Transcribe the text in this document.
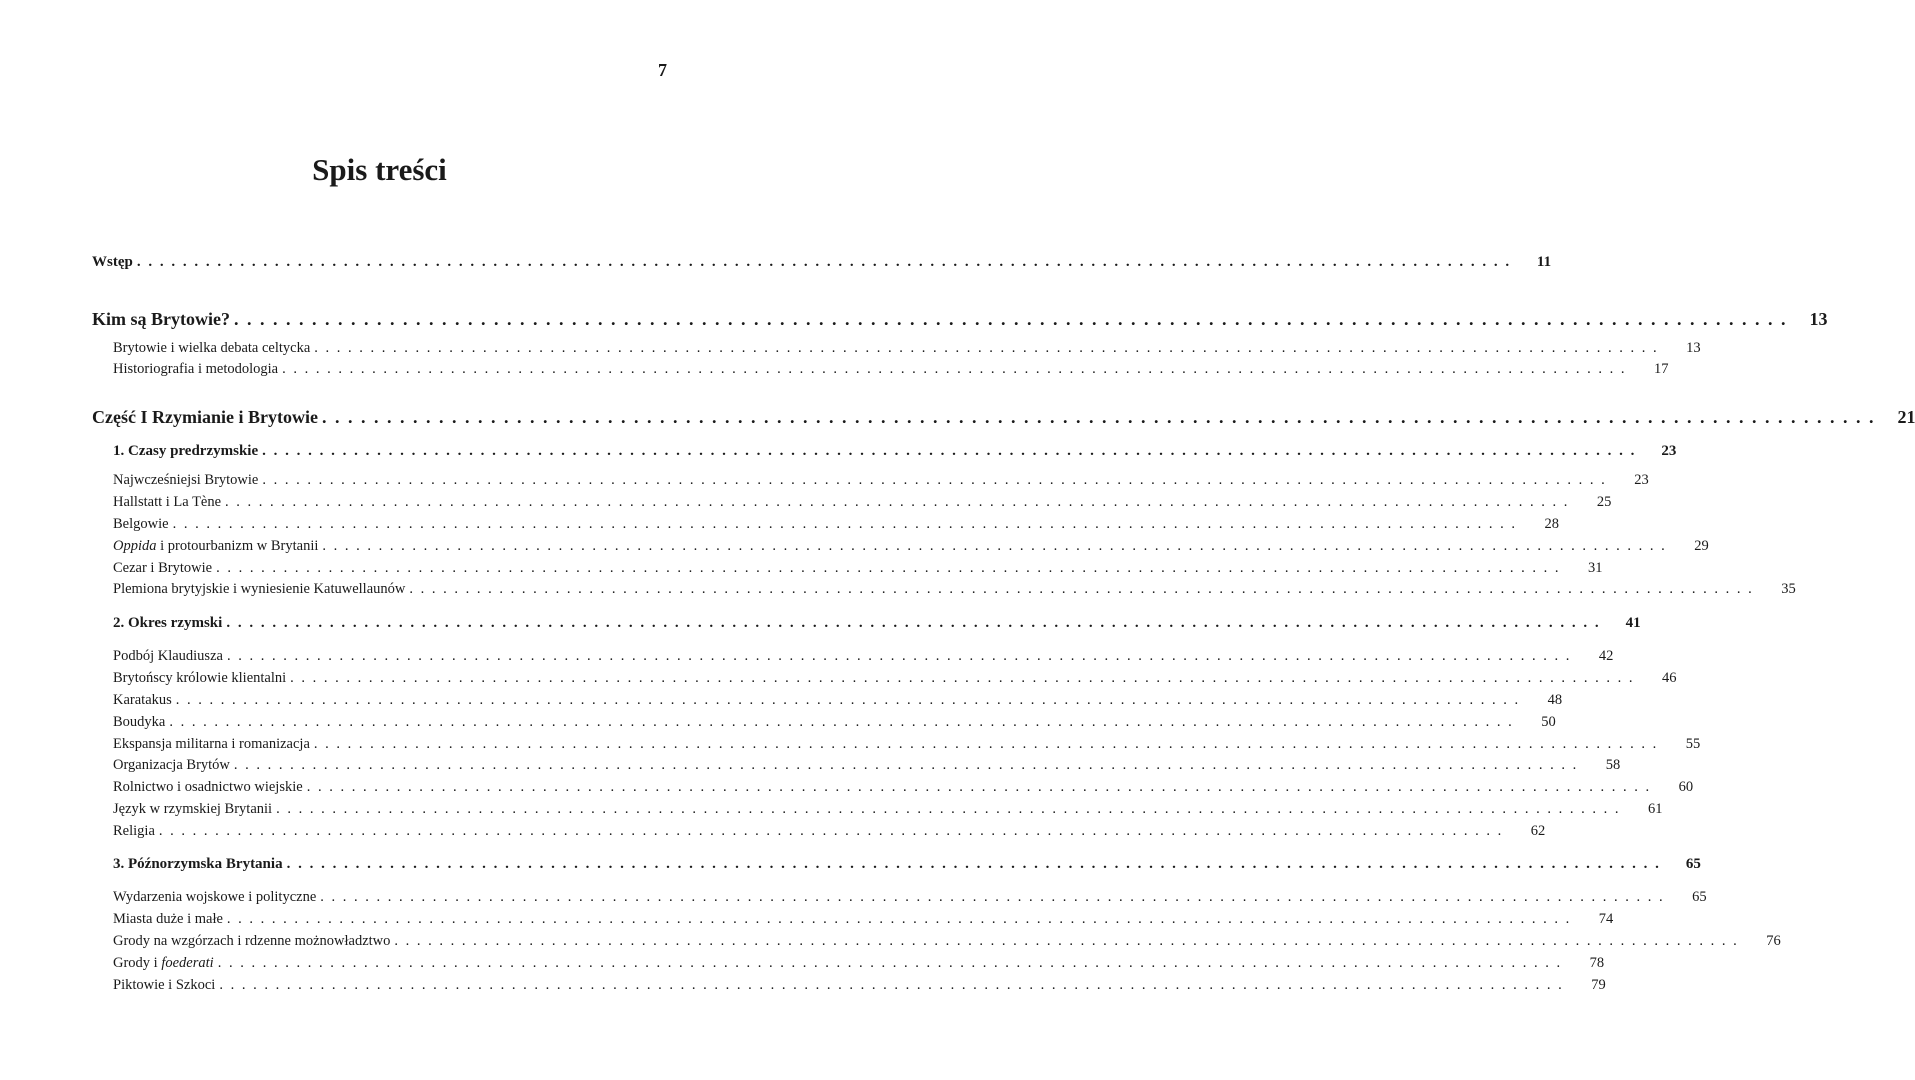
7
Spis treści
Wstęp . . . . . . . . . . . . . . . . . . . . . . . . . . . . . . . . . . . . . . . . . . . . . . . . . . . . . . . . . . . . . . . . . . . . . . . . . . . . . . . . . . . . . . . . . . . . . . . . . . . . . . . . . . . . . . . . . . . . . . . .	11
Kim są Brytowie? . . . . . . . . . . . . . . . . . . . . . . . . . . . . . . . . . . . . . . . . . . . . . . . . . . . . . . . . . . . . . . . . . . . . . . . . . . . . . . . . . . . . . . . . . . . . . . . . . . . . . . . . . . . . . . . . . . . . . . . .	13
Brytowie i wielka debata celtycka . . . . . . . . . . . . . . . . . . . . . . . . . . . . . . . . . . . . . . . . . . . . . . . . . . . . . . . . . . . . . . . . . . . . . . . . . . . . . . . . . . . . . . . . . . . . . . . . . . . . . . . . . . . . . . . . . . . . . . . .	13
Historiografia i metodologia . . . . . . . . . . . . . . . . . . . . . . . . . . . . . . . . . . . . . . . . . . . . . . . . . . . . . . . . . . . . . . . . . . . . . . . . . . . . . . . . . . . . . . . . . . . . . . . . . . . . . . . . . . . . . . . . . . . . . . . .	17
Część I Rzymianie i Brytowie . . . . . . . . . . . . . . . . . . . . . . . . . . . . . . . . . . . . . . . . . . . . . . . . . . . . . . . . . . . . . . . . . . . . . . . . . . . . . . . . . . . . . . . . . . . . . . . . . . . . . . . . . . . . . . . . . . . . . . . .	21
1. Czasy predrzymskie . . . . . . . . . . . . . . . . . . . . . . . . . . . . . . . . . . . . . . . . . . . . . . . . . . . . . . . . . . . . . . . . . . . . . . . . . . . . . . . . . . . . . . . . . . . . . . . . . . . . . . . . . . . . . . . . . . . . . . . .	23
Najwcześniejsi Brytowie . . . . . . . . . . . . . . . . . . . . . . . . . . . . . . . . . . . . . . . . . . . . . . . . . . . . . . . . . . . . . . . . . . . . . . . . . . . . . . . . . . . . . . . . . . . . . . . . . . . . . . . . . . . . . . . . . . . . . . . .	23
Hallstatt i La Tène . . . . . . . . . . . . . . . . . . . . . . . . . . . . . . . . . . . . . . . . . . . . . . . . . . . . . . . . . . . . . . . . . . . . . . . . . . . . . . . . . . . . . . . . . . . . . . . . . . . . . . . . . . . . . . . . . . . . . . . .	25
Belgowie . . . . . . . . . . . . . . . . . . . . . . . . . . . . . . . . . . . . . . . . . . . . . . . . . . . . . . . . . . . . . . . . . . . . . . . . . . . . . . . . . . . . . . . . . . . . . . . . . . . . . . . . . . . . . . . . . . . . . . . .	28
Oppida i protourbanizm w Brytanii . . . . . . . . . . . . . . . . . . . . . . . . . . . . . . . . . . . . . . . . . . . . . . . . . . . . . . . . . . . . . . . . . . . . . . . . . . . . . . . . . . . . . . . . . . . . . . . . . . . . . . . . . . . . . . . . . . . . . . . .	29
Cezar i Brytowie . . . . . . . . . . . . . . . . . . . . . . . . . . . . . . . . . . . . . . . . . . . . . . . . . . . . . . . . . . . . . . . . . . . . . . . . . . . . . . . . . . . . . . . . . . . . . . . . . . . . . . . . . . . . . . . . . . . . . . . .	31
Plemiona brytyjskie i wyniesienie Katuwellaunów . . . . . . . . . . . . . . . . . . . . . . . . . . . . . . . . . . . . . . . . . . . . . . . . . . . . . . . . . . . . . . . . . . . . . . . . . . . . . . . . . . . . . . . . . . . . . . . . . . . . . . . . . . . . . . . . . . . . . . . .	35
2. Okres rzymski . . . . . . . . . . . . . . . . . . . . . . . . . . . . . . . . . . . . . . . . . . . . . . . . . . . . . . . . . . . . . . . . . . . . . . . . . . . . . . . . . . . . . . . . . . . . . . . . . . . . . . . . . . . . . . . . . . . . . . . .	41
Podbój Klaudiusza . . . . . . . . . . . . . . . . . . . . . . . . . . . . . . . . . . . . . . . . . . . . . . . . . . . . . . . . . . . . . . . . . . . . . . . . . . . . . . . . . . . . . . . . . . . . . . . . . . . . . . . . . . . . . . . . . . . . . . . .	42
Brytońscy królowie klientalni . . . . . . . . . . . . . . . . . . . . . . . . . . . . . . . . . . . . . . . . . . . . . . . . . . . . . . . . . . . . . . . . . . . . . . . . . . . . . . . . . . . . . . . . . . . . . . . . . . . . . . . . . . . . . . . . . . . . . . . .	46
Karatakus . . . . . . . . . . . . . . . . . . . . . . . . . . . . . . . . . . . . . . . . . . . . . . . . . . . . . . . . . . . . . . . . . . . . . . . . . . . . . . . . . . . . . . . . . . . . . . . . . . . . . . . . . . . . . . . . . . . . . . . .	48
Boudyka . . . . . . . . . . . . . . . . . . . . . . . . . . . . . . . . . . . . . . . . . . . . . . . . . . . . . . . . . . . . . . . . . . . . . . . . . . . . . . . . . . . . . . . . . . . . . . . . . . . . . . . . . . . . . . . . . . . . . . . .	50
Ekspansja militarna i romanizacja . . . . . . . . . . . . . . . . . . . . . . . . . . . . . . . . . . . . . . . . . . . . . . . . . . . . . . . . . . . . . . . . . . . . . . . . . . . . . . . . . . . . . . . . . . . . . . . . . . . . . . . . . . . . . . . . . . . . . . . .	55
Organizacja Brytów . . . . . . . . . . . . . . . . . . . . . . . . . . . . . . . . . . . . . . . . . . . . . . . . . . . . . . . . . . . . . . . . . . . . . . . . . . . . . . . . . . . . . . . . . . . . . . . . . . . . . . . . . . . . . . . . . . . . . . . .	58
Rolnictwo i osadnictwo wiejskie . . . . . . . . . . . . . . . . . . . . . . . . . . . . . . . . . . . . . . . . . . . . . . . . . . . . . . . . . . . . . . . . . . . . . . . . . . . . . . . . . . . . . . . . . . . . . . . . . . . . . . . . . . . . . . . . . . . . . . . .	60
Język w rzymskiej Brytanii . . . . . . . . . . . . . . . . . . . . . . . . . . . . . . . . . . . . . . . . . . . . . . . . . . . . . . . . . . . . . . . . . . . . . . . . . . . . . . . . . . . . . . . . . . . . . . . . . . . . . . . . . . . . . . . . . . . . . . . .	61
Religia . . . . . . . . . . . . . . . . . . . . . . . . . . . . . . . . . . . . . . . . . . . . . . . . . . . . . . . . . . . . . . . . . . . . . . . . . . . . . . . . . . . . . . . . . . . . . . . . . . . . . . . . . . . . . . . . . . . . . . . .	62
3. Późnorzymska Brytania . . . . . . . . . . . . . . . . . . . . . . . . . . . . . . . . . . . . . . . . . . . . . . . . . . . . . . . . . . . . . . . . . . . . . . . . . . . . . . . . . . . . . . . . . . . . . . . . . . . . . . . . . . . . . . . . . . . . . . . .	65
Wydarzenia wojskowe i polityczne . . . . . . . . . . . . . . . . . . . . . . . . . . . . . . . . . . . . . . . . . . . . . . . . . . . . . . . . . . . . . . . . . . . . . . . . . . . . . . . . . . . . . . . . . . . . . . . . . . . . . . . . . . . . . . . . . . . . . . . .	65
Miasta duże i małe . . . . . . . . . . . . . . . . . . . . . . . . . . . . . . . . . . . . . . . . . . . . . . . . . . . . . . . . . . . . . . . . . . . . . . . . . . . . . . . . . . . . . . . . . . . . . . . . . . . . . . . . . . . . . . . . . . . . . . . .	74
Grody na wzgórzach i rdzenne możnowładztwo . . . . . . . . . . . . . . . . . . . . . . . . . . . . . . . . . . . . . . . . . . . . . . . . . . . . . . . . . . . . . . . . . . . . . . . . . . . . . . . . . . . . . . . . . . . . . . . . . . . . . . . . . . . . . . . . . . . . . . . .	76
Grody i foederati . . . . . . . . . . . . . . . . . . . . . . . . . . . . . . . . . . . . . . . . . . . . . . . . . . . . . . . . . . . . . . . . . . . . . . . . . . . . . . . . . . . . . . . . . . . . . . . . . . . . . . . . . . . . . . . . . . . . . . . .	78
Piktowie i Szkoci . . . . . . . . . . . . . . . . . . . . . . . . . . . . . . . . . . . . . . . . . . . . . . . . . . . . . . . . . . . . . . . . . . . . . . . . . . . . . . . . . . . . . . . . . . . . . . . . . . . . . . . . . . . . . . . . . . . . . . . .	79
